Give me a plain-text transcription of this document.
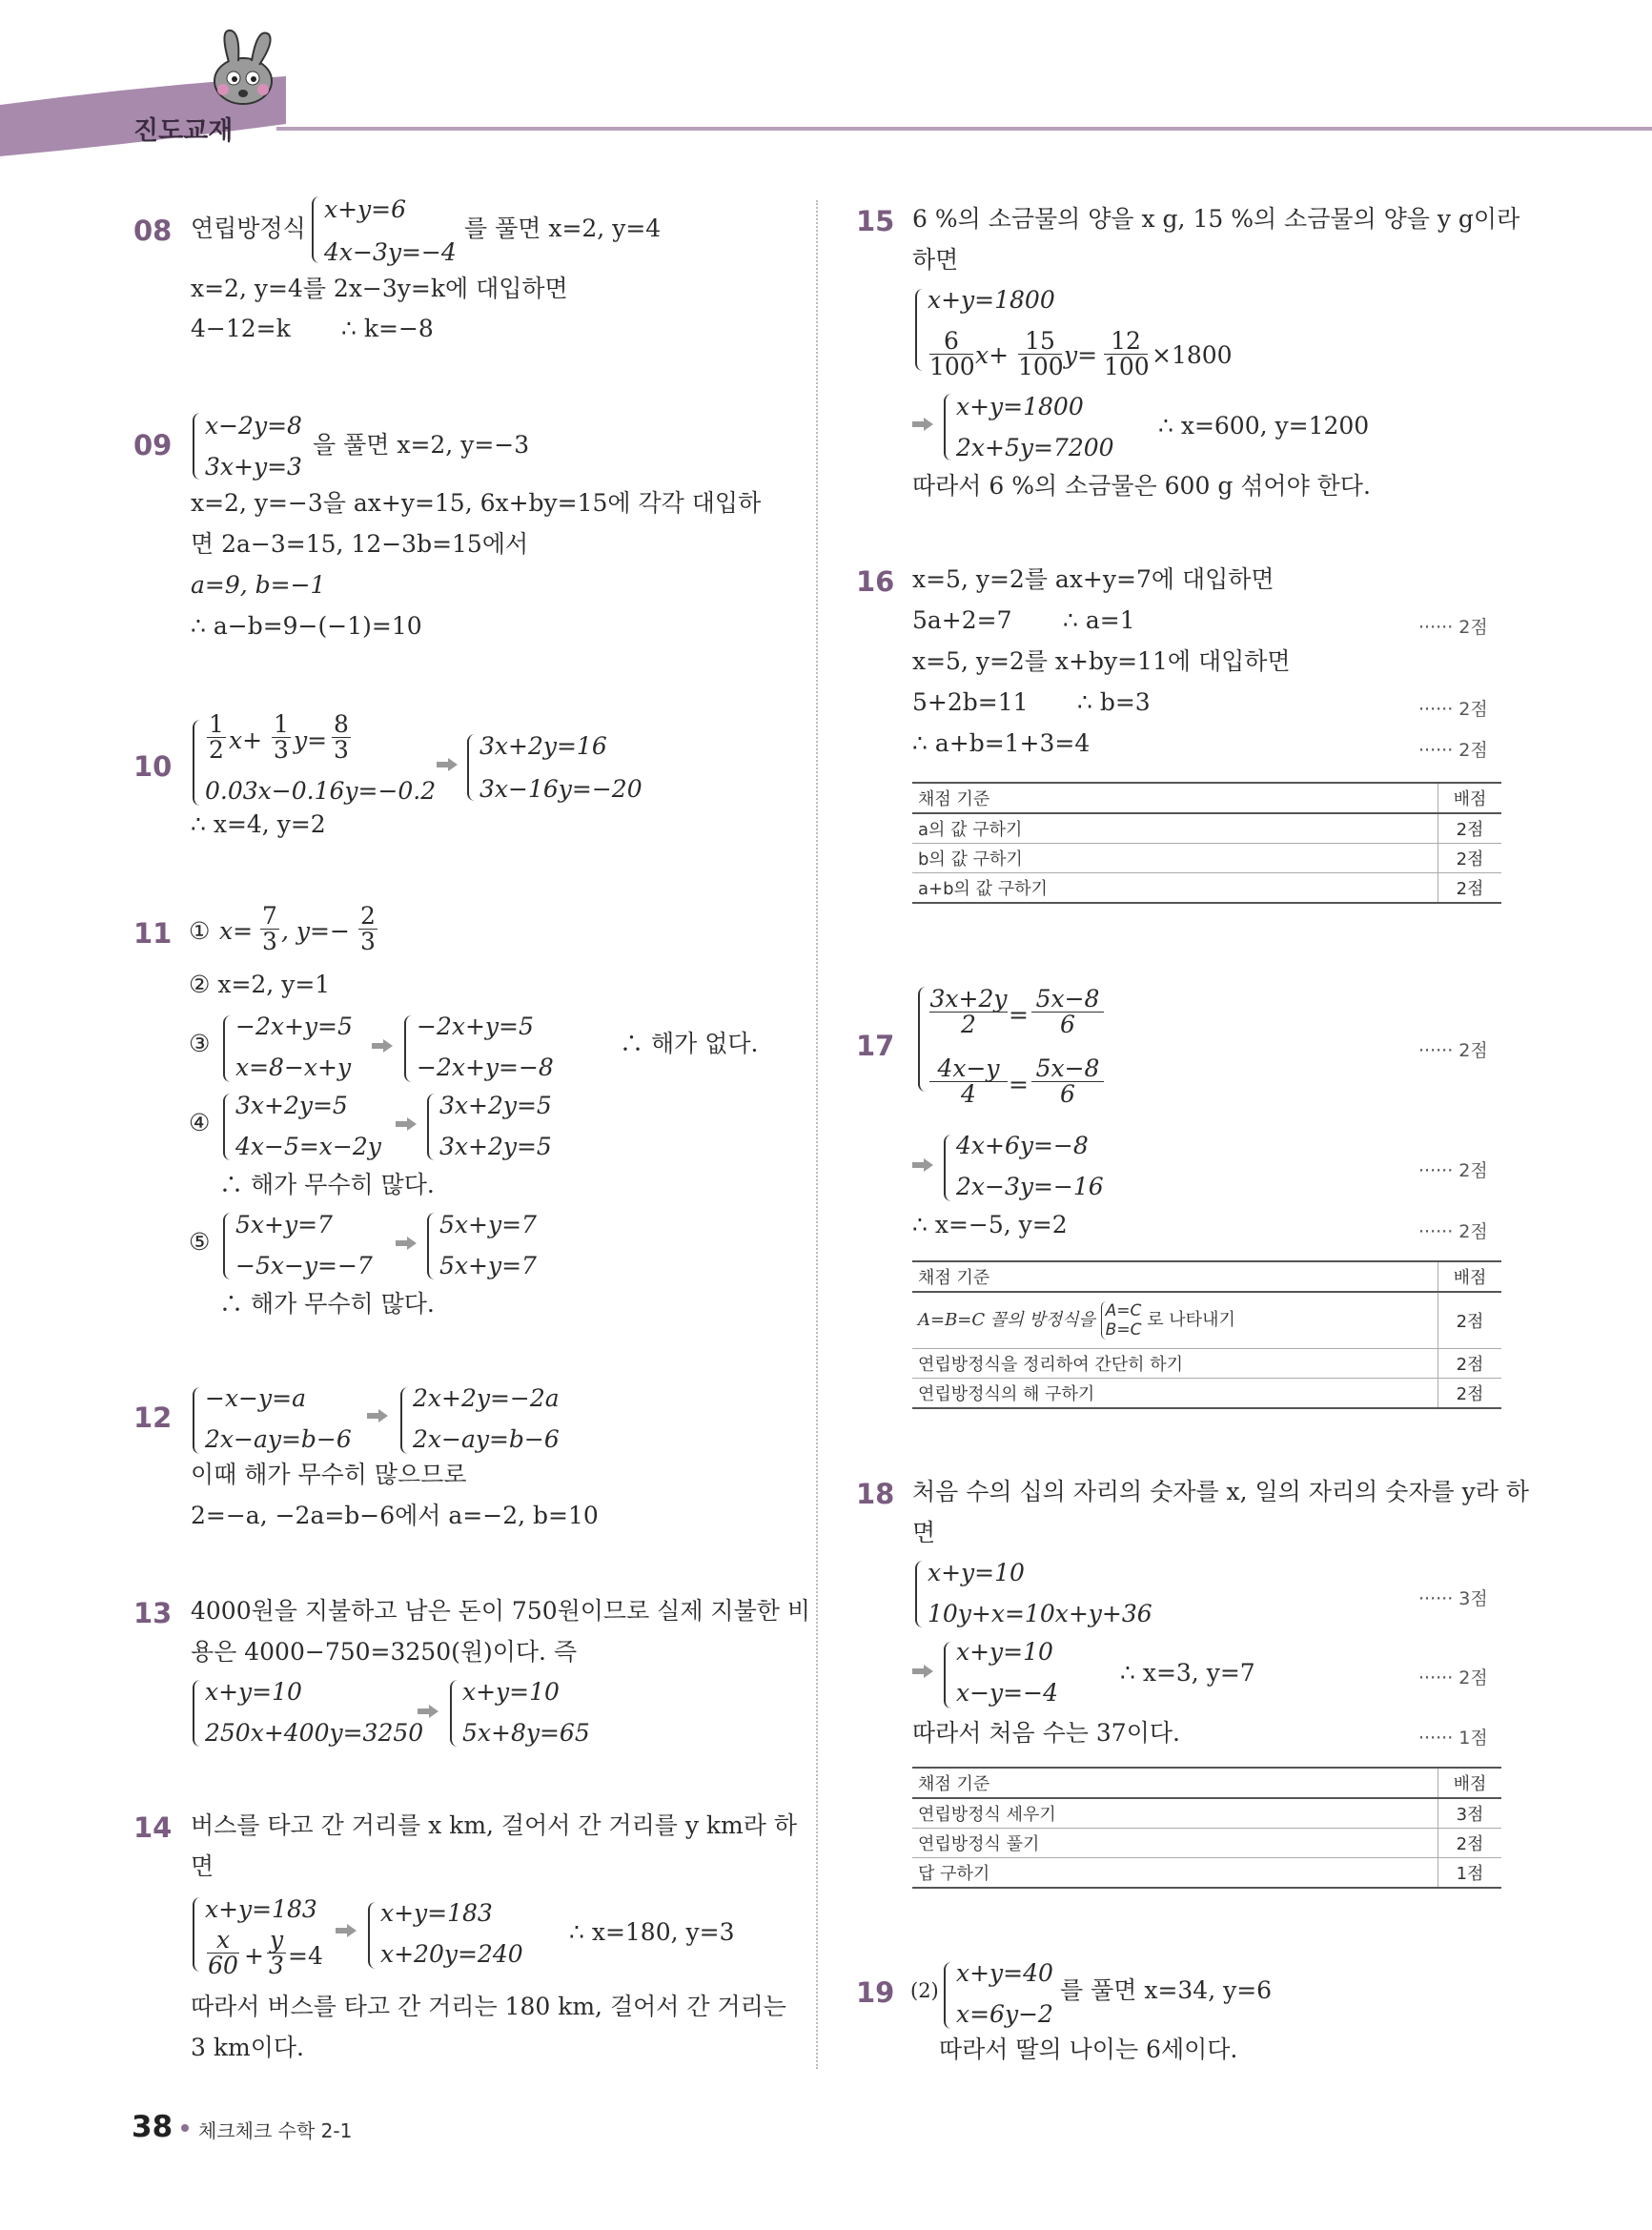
진도교재
08 연립방정식
x+y=6
4x−3y=−4
를 풀면 x=2, y=4
x=2, y=4를 2x−3y=k에 대입하면
4−12=k ∴ k=−8
09
x−2y=8
3x+y=3
을 풀면 x=2, y=−3
x=2, y=−3을 ax+y=15, 6x+by=15에 각각 대입하
면 2a−3=15, 12−3b=15에서
a=9, b=−1
∴ a−b=9−(−1)=10
10
$\frac{1}{2} x+ \frac{1}{3} y= \frac{8}{3}$
0.03x−0.16y=−0.2
3x+2y=16
3x−16y=−20
∴ x=4, y=2
11 ① $x= \frac{7}{3}$ , $y=- \frac{2}{3}$
② x=2, y=1
③
−2x+y=5
x=8−x+y
−2x+y=5
−2x+y=−8
∴ 해가 없다.
④
3x+2y=5
4x−5=x−2y
3x+2y=5
3x+2y=5
∴ 해가 무수히 많다.
⑤
5x+y=7
−5x−y=−7
5x+y=7
5x+y=7
∴ 해가 무수히 많다.
12
−x−y=a
2x−ay=b−6
2x+2y=−2a
2x−ay=b−6
이때 해가 무수히 많으므로
2=−a, −2a=b−6에서 a=−2, b=10
13 4000원을 지불하고 남은 돈이 750원이므로 실제 지불한 비
용은 4000−750=3250(원)이다. 즉
x+y=10
250x+400y=3250
x+y=10
5x+8y=65
14 버스를 타고 간 거리를 x km, 걸어서 간 거리를 y km라 하
면
x+y=183
$\frac{x}{60} + \frac{y}{3} =4$
x+y=183
x+20y=240
∴ x=180, y=3
따라서 버스를 타고 간 거리는 180 km, 걸어서 간 거리는
3 km이다.
15 6 %의 소금물의 양을 x g, 15 %의 소금물의 양을 y g이라
하면
x+y=1800
$\frac{6}{100} x+ \frac{15}{100} y= \frac{12}{100} \times 1800$
x+y=1800
2x+5y=7200
∴ x=600, y=1200
따라서 6 %의 소금물은 600 g 섞어야 한다.
16 x=5, y=2를 ax+y=7에 대입하면
5a+2=7 ∴ a=1	······ 2점
x=5, y=2를 x+by=11에 대입하면
5+2b=11 ∴ b=3	······ 2점
∴ a+b=1+3=4	······ 2점
채점 기준	배점
a의 값 구하기	2점
b의 값 구하기	2점
a+b의 값 구하기	2점
17
$\frac{3x+2y}{2} = \frac{5x-8}{6}$
$\frac{4x-y}{4} = \frac{5x-8}{6}$
······ 2점
4x+6y=−8
2x−3y=−16
······ 2점
∴ x=−5, y=2	······ 2점
채점 기준	배점
A=B=C 꼴의 방정식을 A=C
B=C 로 나타내기	2점
연립방정식을 정리하여 간단히 하기	2점
연립방정식의 해 구하기	2점
18 처음 수의 십의 자리의 숫자를 x, 일의 자리의 숫자를 y라 하
면
x+y=10
10y+x=10x+y+36
······ 3점
x+y=10
x−y=−4
∴ x=3, y=7	······ 2점
따라서 처음 수는 37이다.	······ 1점
채점 기준	배점
연립방정식 세우기	3점
연립방정식 풀기	2점
답 구하기	1점
19 (2)
x+y=40
x=6y−2
를 풀면 x=34, y=6
따라서 딸의 나이는 6세이다.
38 체크체크 수학 2-1
